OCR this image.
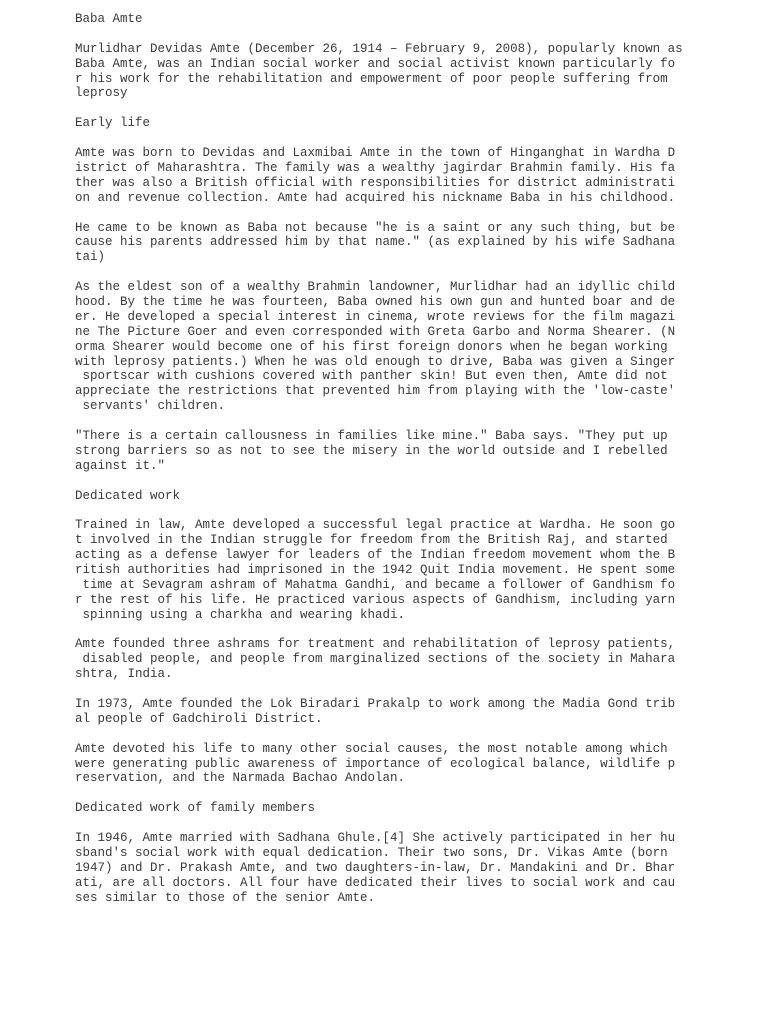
Baba Amte
Murlidhar Devidas Amte (December 26, 1914 – February 9, 2008), popularly known as
Baba Amte, was an Indian social worker and social activist known particularly fo
r his work for the rehabilitation and empowerment of poor people suffering from
leprosy
Early life
Amte was born to Devidas and Laxmibai Amte in the town of Hinganghat in Wardha D
istrict of Maharashtra. The family was a wealthy jagirdar Brahmin family. His fa
ther was also a British official with responsibilities for district administrati
on and revenue collection. Amte had acquired his nickname Baba in his childhood.
He came to be known as Baba not because "he is a saint or any such thing, but be
cause his parents addressed him by that name." (as explained by his wife Sadhana
tai)
As the eldest son of a wealthy Brahmin landowner, Murlidhar had an idyllic child
hood. By the time he was fourteen, Baba owned his own gun and hunted boar and de
er. He developed a special interest in cinema, wrote reviews for the film magazi
ne The Picture Goer and even corresponded with Greta Garbo and Norma Shearer. (N
orma Shearer would become one of his first foreign donors when he began working
with leprosy patients.) When he was old enough to drive, Baba was given a Singer
sportscar with cushions covered with panther skin! But even then, Amte did not
appreciate the restrictions that prevented him from playing with the 'low-caste'
servants' children.
"There is a certain callousness in families like mine." Baba says. "They put up
strong barriers so as not to see the misery in the world outside and I rebelled
against it."
Dedicated work
Trained in law, Amte developed a successful legal practice at Wardha. He soon go
t involved in the Indian struggle for freedom from the British Raj, and started
acting as a defense lawyer for leaders of the Indian freedom movement whom the B
ritish authorities had imprisoned in the 1942 Quit India movement. He spent some
time at Sevagram ashram of Mahatma Gandhi, and became a follower of Gandhism fo
r the rest of his life. He practiced various aspects of Gandhism, including yarn
spinning using a charkha and wearing khadi.
Amte founded three ashrams for treatment and rehabilitation of leprosy patients,
disabled people, and people from marginalized sections of the society in Mahara
shtra, India.
In 1973, Amte founded the Lok Biradari Prakalp to work among the Madia Gond trib
al people of Gadchiroli District.
Amte devoted his life to many other social causes, the most notable among which
were generating public awareness of importance of ecological balance, wildlife p
reservation, and the Narmada Bachao Andolan.
Dedicated work of family members
In 1946, Amte married with Sadhana Ghule.[4] She actively participated in her hu
sband's social work with equal dedication. Their two sons, Dr. Vikas Amte (born
1947) and Dr. Prakash Amte, and two daughters-in-law, Dr. Mandakini and Dr. Bhar
ati, are all doctors. All four have dedicated their lives to social work and cau
ses similar to those of the senior Amte.
